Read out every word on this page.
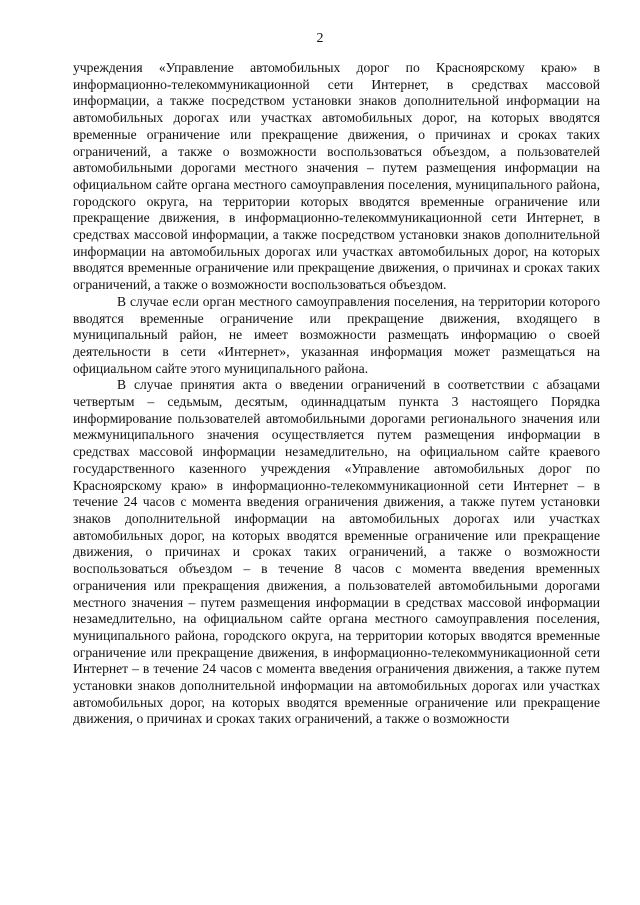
2

учреждения «Управление автомобильных дорог по Красноярскому краю» в информационно-телекоммуникационной сети Интернет, в средствах массовой информации, а также посредством установки знаков дополнительной информации на автомобильных дорогах или участках автомобильных дорог, на которых вводятся временные ограничение или прекращение движения, о причинах и сроках таких ограничений, а также о возможности воспользоваться объездом, а пользователей автомобильными дорогами местного значения – путем размещения информации на официальном сайте органа местного самоуправления поселения, муниципального района, городского округа, на территории которых вводятся временные ограничение или прекращение движения, в информационно-телекоммуникационной сети Интернет, в средствах массовой информации, а также посредством установки знаков дополнительной информации на автомобильных дорогах или участках автомобильных дорог, на которых вводятся временные ограничение или прекращение движения, о причинах и сроках таких ограничений, а также о возможности воспользоваться объездом.

В случае если орган местного самоуправления поселения, на территории которого вводятся временные ограничение или прекращение движения, входящего в муниципальный район, не имеет возможности размещать информацию о своей деятельности в сети «Интернет», указанная информация может размещаться на официальном сайте этого муниципального района.

В случае принятия акта о введении ограничений в соответствии с абзацами четвертым – седьмым, десятым, одиннадцатым пункта 3 настоящего Порядка информирование пользователей автомобильными дорогами регионального значения или межмуниципального значения осуществляется путем размещения информации в средствах массовой информации незамедлительно, на официальном сайте краевого государственного казенного учреждения «Управление автомобильных дорог по Красноярскому краю» в информационно-телекоммуникационной сети Интернет – в течение 24 часов с момента введения ограничения движения, а также путем установки знаков дополнительной информации на автомобильных дорогах или участках автомобильных дорог, на которых вводятся временные ограничение или прекращение движения, о причинах и сроках таких ограничений, а также о возможности воспользоваться объездом – в течение 8 часов с момента введения временных ограничения или прекращения движения, а пользователей автомобильными дорогами местного значения – путем размещения информации в средствах массовой информации незамедлительно, на официальном сайте органа местного самоуправления поселения, муниципального района, городского округа, на территории которых вводятся временные ограничение или прекращение движения, в информационно-телекоммуникационной сети Интернет – в течение 24 часов с момента введения ограничения движения, а также путем установки знаков дополнительной информации на автомобильных дорогах или участках автомобильных дорог, на которых вводятся временные ограничение или прекращение движения, о причинах и сроках таких ограничений, а также о возможности
